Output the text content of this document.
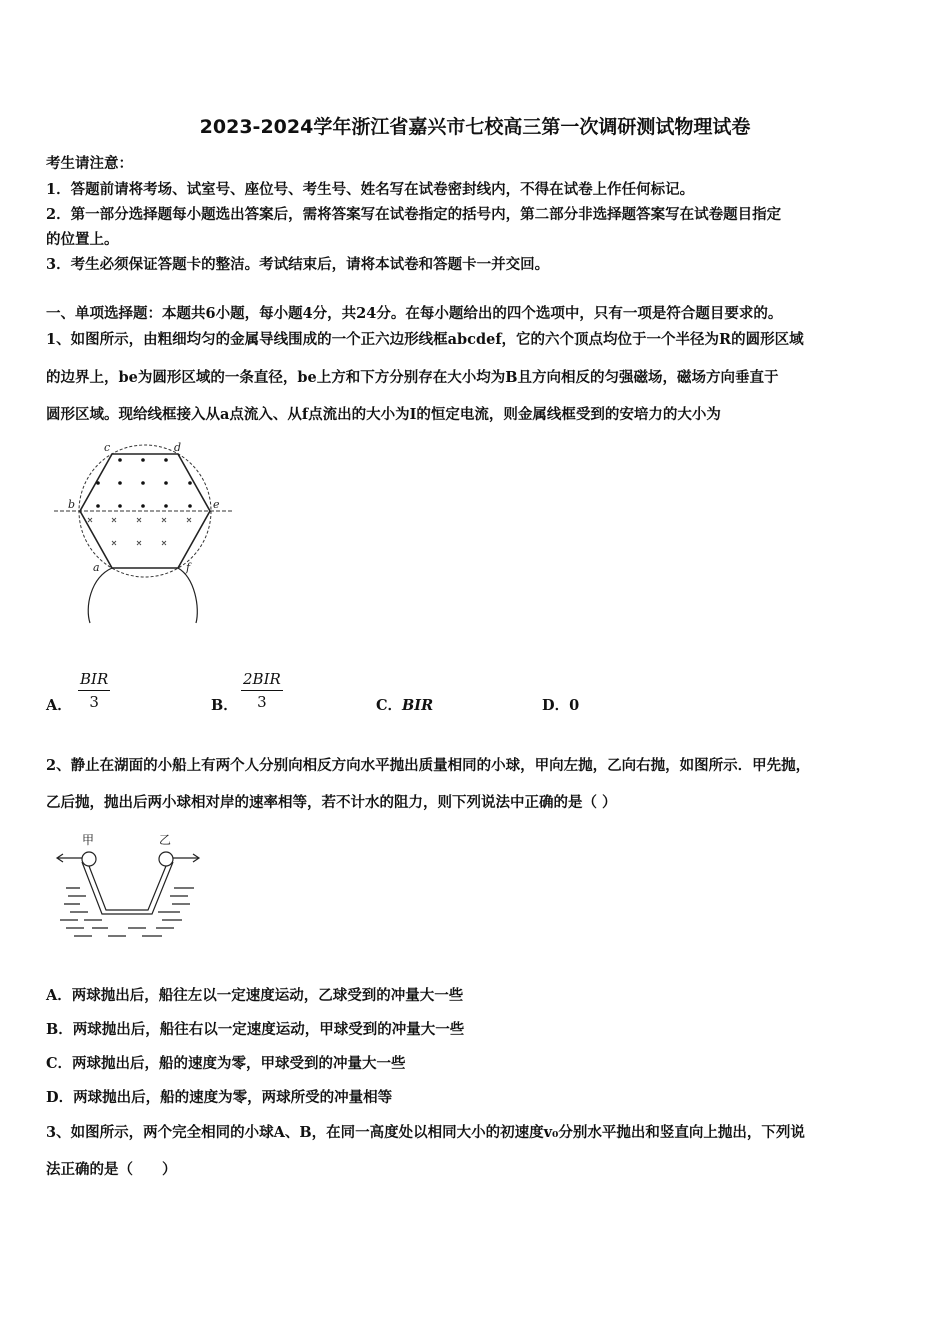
2023-2024学年浙江省嘉兴市七校高三第一次调研测试物理试卷
考生请注意：
1．答题前请将考场、试室号、座位号、考生号、姓名写在试卷密封线内，不得在试卷上作任何标记。
2．第一部分选择题每小题选出答案后，需将答案写在试卷指定的括号内，第二部分非选择题答案写在试卷题目指定
的位置上。
3．考生必须保证答题卡的整洁。考试结束后，请将本试卷和答题卡一并交回。
一、单项选择题：本题共6小题，每小题4分，共24分。在每小题给出的四个选项中，只有一项是符合题目要求的。
1、如图所示，由粗细均匀的金属导线围成的一个正六边形线框abcdef，它的六个顶点均位于一个半径为R的圆形区域
的边界上，be为圆形区域的一条直径，be上方和下方分别存在大小均为B且方向相反的匀强磁场，磁场方向垂直于
圆形区域。现给线框接入从a点流入、从f点流出的大小为I的恒定电流，则金属线框受到的安培力的大小为
c	d
b	e
a	f
A．
BIR
3	B．
2BIR
3	C．BIR	D．0
2、静止在湖面的小船上有两个人分别向相反方向水平抛出质量相同的小球，甲向左抛，乙向右抛，如图所示．甲先抛，
乙后抛，抛出后两小球相对岸的速率相等，若不计水的阻力，则下列说法中正确的是（ ）
甲	乙
A．两球抛出后，船往左以一定速度运动，乙球受到的冲量大一些
B．两球抛出后，船往右以一定速度运动，甲球受到的冲量大一些
C．两球抛出后，船的速度为零，甲球受到的冲量大一些
D．两球抛出后，船的速度为零，两球所受的冲量相等
3、如图所示，两个完全相同的小球A、B，在同一高度处以相同大小的初速度v₀分别水平抛出和竖直向上抛出，下列说
法正确的是（　　）
